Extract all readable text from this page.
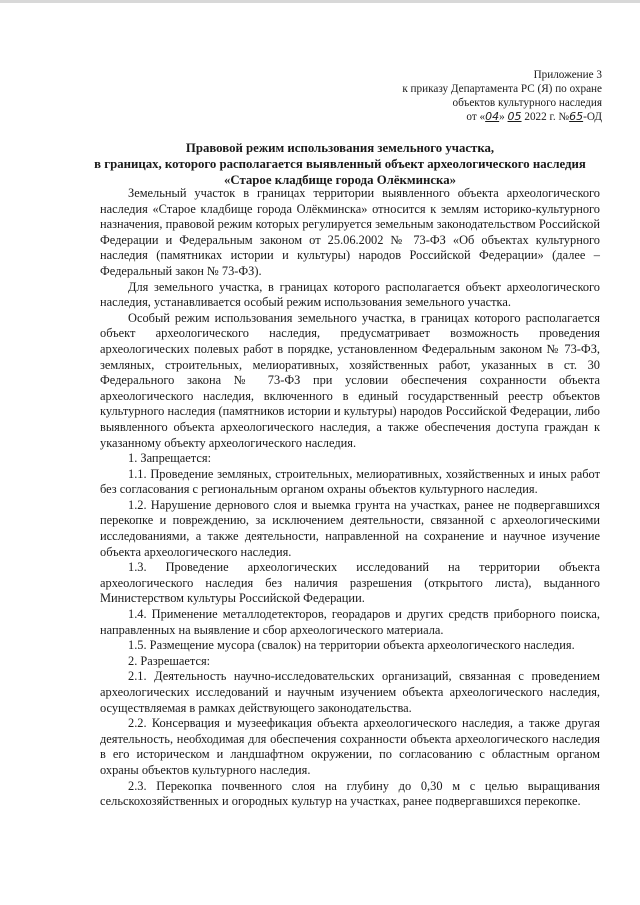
Приложение 3
к приказу Департамента РС (Я) по охране
объектов культурного наследия
от «04» 05 2022 г. №65-ОД
Правовой режим использования земельного участка,
в границах, которого располагается выявленный объект археологического наследия
«Старое кладбище города Олёкминска»

Земельный участок в границах территории выявленного объекта археологического наследия «Старое кладбище города Олёкминска» относится к землям историко-культурного назначения, правовой режим которых регулируется земельным законодательством Российской Федерации и Федеральным законом от 25.06.2002 № 73-ФЗ «Об объектах культурного наследия (памятниках истории и культуры) народов Российской Федерации» (далее – Федеральный закон № 73-ФЗ).

Для земельного участка, в границах которого располагается объект археологического наследия, устанавливается особый режим использования земельного участка.

Особый режим использования земельного участка, в границах которого располагается объект археологического наследия, предусматривает возможность проведения археологических полевых работ в порядке, установленном Федеральным законом № 73-ФЗ, земляных, строительных, мелиоративных, хозяйственных работ, указанных в ст. 30 Федерального закона № 73-ФЗ при условии обеспечения сохранности объекта археологического наследия, включенного в единый государственный реестр объектов культурного наследия (памятников истории и культуры) народов Российской Федерации, либо выявленного объекта археологического наследия, а также обеспечения доступа граждан к указанному объекту археологического наследия.

1. Запрещается:

1.1. Проведение земляных, строительных, мелиоративных, хозяйственных и иных работ без согласования с региональным органом охраны объектов культурного наследия.

1.2. Нарушение дернового слоя и выемка грунта на участках, ранее не подвергавшихся перекопке и повреждению, за исключением деятельности, связанной с археологическими исследованиями, а также деятельности, направленной на сохранение и научное изучение объекта археологического наследия.

1.3. Проведение археологических исследований на территории объекта археологического наследия без наличия разрешения (открытого листа), выданного Министерством культуры Российской Федерации.

1.4. Применение металлодетекторов, георадаров и других средств приборного поиска, направленных на выявление и сбор археологического материала.

1.5. Размещение мусора (свалок) на территории объекта археологического наследия.

2. Разрешается:

2.1. Деятельность научно-исследовательских организаций, связанная с проведением археологических исследований и научным изучением объекта археологического наследия, осуществляемая в рамках действующего законодательства.

2.2. Консервация и музеефикация объекта археологического наследия, а также другая деятельность, необходимая для обеспечения сохранности объекта археологического наследия в его историческом и ландшафтном окружении, по согласованию с областным органом охраны объектов культурного наследия.

2.3. Перекопка почвенного слоя на глубину до 0,30 м с целью выращивания сельскохозяйственных и огородных культур на участках, ранее подвергавшихся перекопке.
